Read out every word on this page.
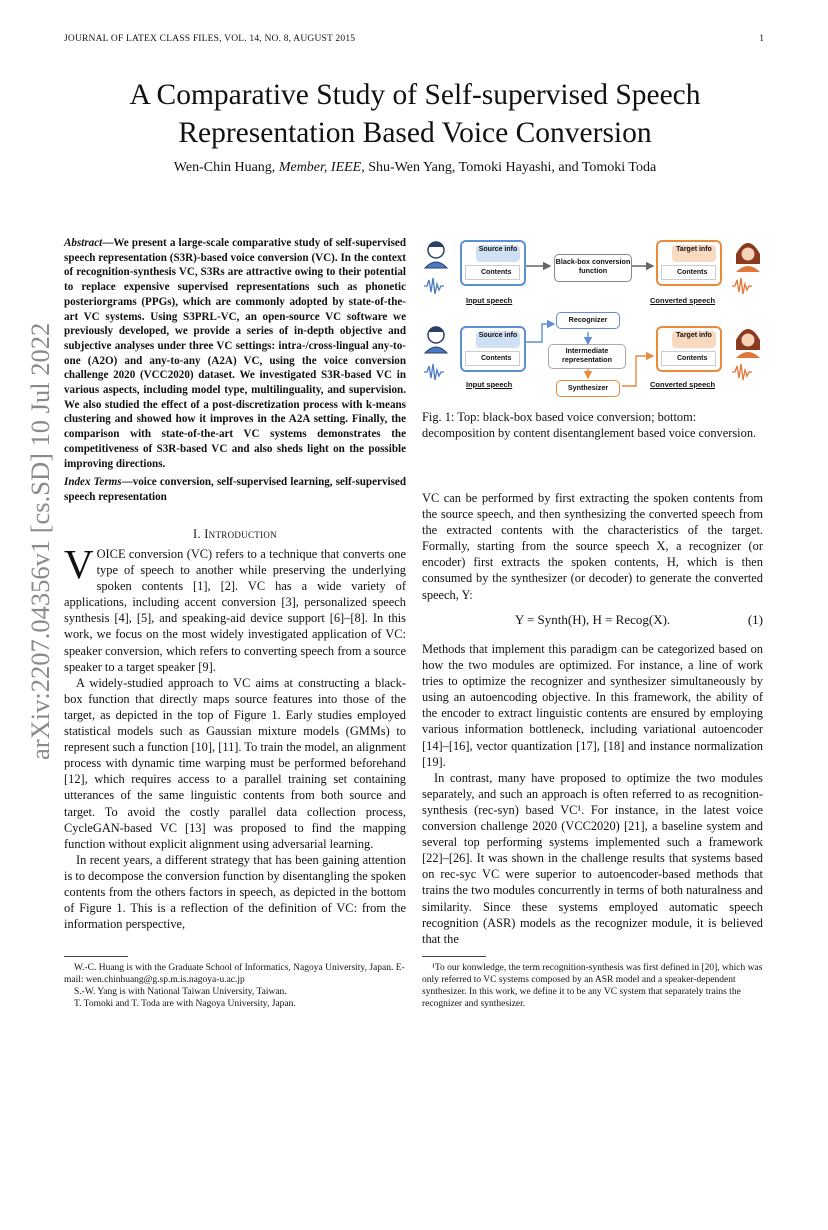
JOURNAL OF LATEX CLASS FILES, VOL. 14, NO. 8, AUGUST 2015	1
arXiv:2207.04356v1 [cs.SD] 10 Jul 2022
A Comparative Study of Self-supervised Speech
Representation Based Voice Conversion
Wen-Chin Huang, Member, IEEE, Shu-Wen Yang, Tomoki Hayashi, and Tomoki Toda
Abstract—We present a large-scale comparative study of self-supervised speech representation (S3R)-based voice conversion (VC). In the context of recognition-synthesis VC, S3Rs are attractive owing to their potential to replace expensive supervised representations such as phonetic posteriorgrams (PPGs), which are commonly adopted by state-of-the-art VC systems. Using S3PRL-VC, an open-source VC software we previously developed, we provide a series of in-depth objective and subjective analyses under three VC settings: intra-/cross-lingual any-to-one (A2O) and any-to-any (A2A) VC, using the voice conversion challenge 2020 (VCC2020) dataset. We investigated S3R-based VC in various aspects, including model type, multilinguality, and supervision. We also studied the effect of a post-discretization process with k-means clustering and showed how it improves in the A2A setting. Finally, the comparison with state-of-the-art VC systems demonstrates the competitiveness of S3R-based VC and also sheds light on the possible improving directions.
Index Terms—voice conversion, self-supervised learning, self-supervised speech representation
I. Introduction

VOICE conversion (VC) refers to a technique that converts one type of speech to another while preserving the underlying spoken contents [1], [2]. VC has a wide variety of applications, including accent conversion [3], personalized speech synthesis [4], [5], and speaking-aid device support [6]–[8]. In this work, we focus on the most widely investigated application of VC: speaker conversion, which refers to converting speech from a source speaker to a target speaker [9].

A widely-studied approach to VC aims at constructing a black-box function that directly maps source features into those of the target, as depicted in the top of Figure 1. Early studies employed statistical models such as Gaussian mixture models (GMMs) to represent such a function [10], [11]. To train the model, an alignment process with dynamic time warping must be performed beforehand [12], which requires access to a parallel training set containing utterances of the same linguistic contents from both source and target. To avoid the costly parallel data collection process, CycleGAN-based VC [13] was proposed to find the mapping function without explicit alignment using adversarial learning.

In recent years, a different strategy that has been gaining attention is to decompose the conversion function by disentangling the spoken contents from the others factors in speech, as depicted in the bottom of Figure 1. This is a reflection of the definition of VC: from the information perspective,

Source info
Contents
Input speech
Black-box conversion function
Target info
Contents
Converted speech
Source info
Contents
Input speech
Recognizer
Intermediate representation
Synthesizer
Target info
Contents
Converted speech
Fig. 1: Top: black-box based voice conversion; bottom: decomposition by content disentanglement based voice conversion.
VC can be performed by first extracting the spoken contents from the source speech, and then synthesizing the converted speech from the extracted contents with the characteristics of the target. Formally, starting from the source speech X, a recognizer (or encoder) first extracts the spoken contents, H, which is then consumed by the synthesizer (or decoder) to generate the converted speech, Y:
Y = Synth(H), H = Recog(X).	(1)

Methods that implement this paradigm can be categorized based on how the two modules are optimized. For instance, a line of work tries to optimize the recognizer and synthesizer simultaneously by using an autoencoding objective. In this framework, the ability of the encoder to extract linguistic contents are ensured by employing various information bottleneck, including variational autoencoder [14]–[16], vector quantization [17], [18] and instance normalization [19].

In contrast, many have proposed to optimize the two modules separately, and such an approach is often referred to as recognition-synthesis (rec-syn) based VC¹. For instance, in the latest voice conversion challenge 2020 (VCC2020) [21], a baseline system and several top performing systems implemented such a framework [22]–[26]. It was shown in the challenge results that systems based on rec-syc VC were superior to autoencoder-based methods that trains the two modules concurrently in terms of both naturalness and similarity. Since these systems employed automatic speech recognition (ASR) models as the recognizer module, it is believed that the

W.-C. Huang is with the Graduate School of Informatics, Nagoya University, Japan. E-mail: wen.chinhuang@g.sp.m.is.nagoya-u.ac.jp

S.-W. Yang is with National Taiwan University, Taiwan.

T. Tomoki and T. Toda are with Nagoya University, Japan.

¹To our konwledge, the term recognition-synthesis was first defined in [20], which was only referred to VC systems composed by an ASR model and a speaker-dependent synthesizer. In this work, we define it to be any VC system that separately trains the recognizer and synthesizer.
